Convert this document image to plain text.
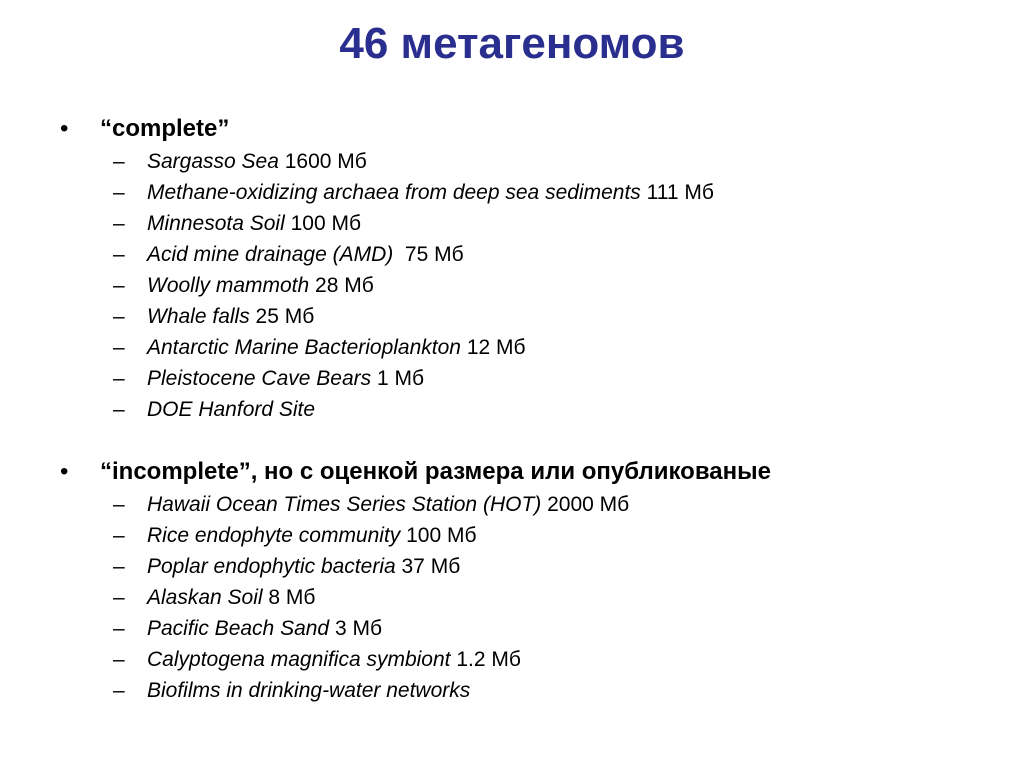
46 метагеномов
• “complete”
– Sargasso Sea 1600 Мб
– Methane-oxidizing archaea from deep sea sediments 111 Мб
– Minnesota Soil 100 Мб
– Acid mine drainage (AMD)  75 Мб
– Woolly mammoth 28 Мб
– Whale falls 25 Мб
– Antarctic Marine Bacterioplankton 12 Мб
– Pleistocene Cave Bears 1 Мб
– DOE Hanford Site
• “incomplete”, но с оценкой размера или опубликованые
– Hawaii Ocean Times Series Station (HOT) 2000 Мб
– Rice endophyte community 100 Мб
– Poplar endophytic bacteria 37 Мб
– Alaskan Soil 8 Мб
– Pacific Beach Sand 3 Мб
– Calyptogena magnifica symbiont 1.2 Мб
– Biofilms in drinking-water networks
